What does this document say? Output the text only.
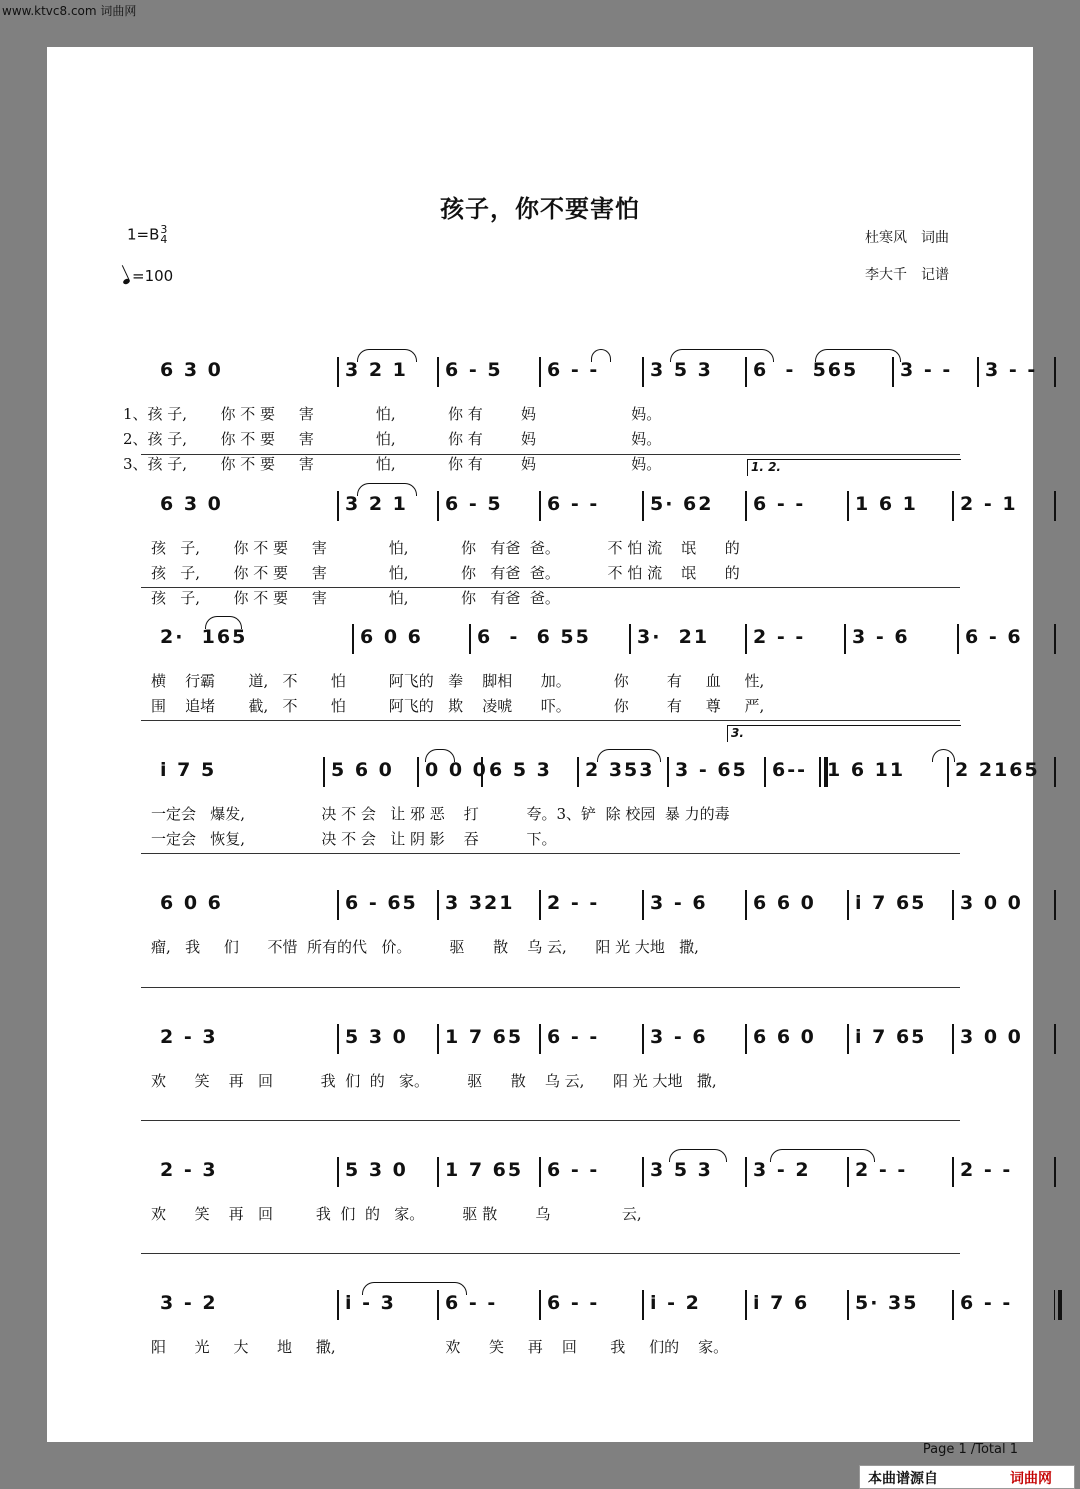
www.ktvc8.com 词曲网
孩子，你不要害怕
1=B 3
4
=100
杜寒风　词曲
李大千　记谱
6 3 0	3 2 1 6 - 5 6 - -	3 5 3 6  -  565 3 - - 3 - -
1、孩 子,       你 不 要     害             怕,           你 有        妈                    妈。
2、孩 子,       你 不 要     害             怕,           你 有        妈                    妈。
3、孩 子,       你 不 要     害             怕,           你 有        妈                    妈。
6 3 0	3 2 1 6 - 5 6 - -	5· 62 6 - -	1 6 1 2 - 1
1. 2.
孩   子,       你 不 要     害             怕,           你   有爸  爸。          不 怕 流    氓      的
孩   子,       你 不 要     害             怕,           你   有爸  爸。          不 怕 流    氓      的
孩   子,       你 不 要     害             怕,           你   有爸  爸。
2·  165	6 0 6	6  -  6 55 3·  21 2 - - 3 - 6	6 - 6
横    行霸       道,   不       怕         阿飞的   拳    脚相      加。         你        有     血     性,
围    追堵       截,   不       怕         阿飞的   欺    凌唬      吓。         你        有     尊     严,
i 7 5	5 6 0 0 0 0 6 5 3 2 353 3 - 65 6-- 1 6 11	2 2165
3.
一定会   爆发,                决 不 会   让 邪 恶    打          夸。3、铲  除 校园  暴 力的毒
一定会   恢复,                决 不 会   让 阴 影    吞          下。
6 0 6	6 - 65 3 321 2 - -	3 - 6 6 6 0 i 7 65 3 0 0
瘤,   我     们      不惜  所有的代   价。        驱      散    乌 云,      阳 光 大地   撒,
2 - 3	5 3 0 1 7 65 6 - -	3 - 6 6 6 0 i 7 65 3 0 0
欢      笑    再   回          我  们  的   家。        驱      散    乌 云,      阳 光 大地   撒,
2 - 3	5 3 0 1 7 65 6 - -	3 5 3 3 - 2 2 - -	2 - -
欢      笑    再   回         我  们  的   家。        驱 散        乌               云,
3 - 2	i - 3	6 - -	6 - -	i - 2	i 7 6 5· 35 6 - -
阳      光     大      地     撒,                       欢      笑     再    回       我     们的    家。
Page 1 /Total 1
本曲谱源自	词曲网
